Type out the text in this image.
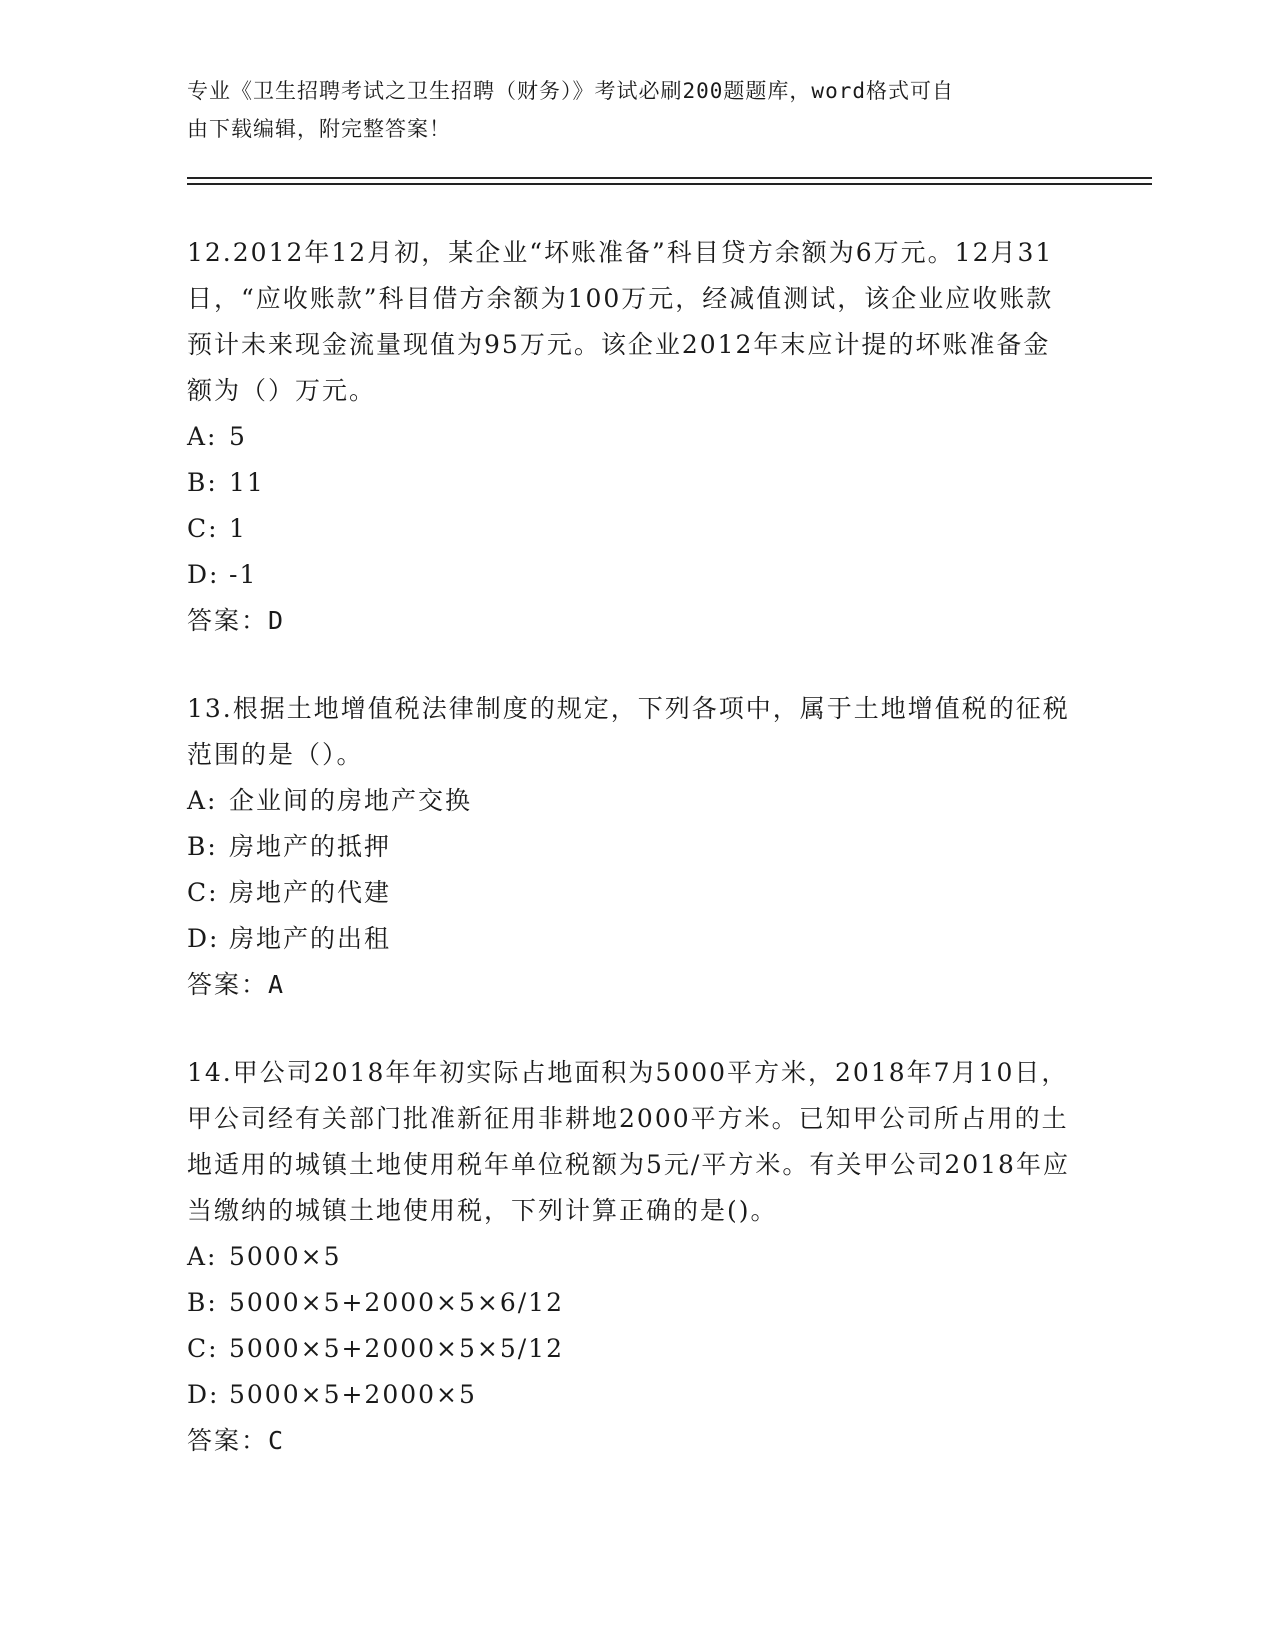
专业《卫生招聘考试之卫生招聘（财务）》考试必刷200题题库，word格式可自
由下载编辑，附完整答案！

12.2012年12月初，某企业“坏账准备”科目贷方余额为6万元。12月31日，“应收账款”科目借方余额为100万元，经减值测试，该企业应收账款预计未来现金流量现值为95万元。该企业2012年末应计提的坏账准备金额为（）万元。

A: 5

B: 11

C: 1

D: -1

答案：D

13.根据土地增值税法律制度的规定，下列各项中，属于土地增值税的征税范围的是（）。

A: 企业间的房地产交换

B: 房地产的抵押

C: 房地产的代建

D: 房地产的出租

答案：A

14.甲公司2018年年初实际占地面积为5000平方米，2018年7月10日，甲公司经有关部门批准新征用非耕地2000平方米。已知甲公司所占用的土地适用的城镇土地使用税年单位税额为5元/平方米。有关甲公司2018年应当缴纳的城镇土地使用税，下列计算正确的是()。

A: 5000×5

B: 5000×5+2000×5×6/12

C: 5000×5+2000×5×5/12

D: 5000×5+2000×5

答案：C
